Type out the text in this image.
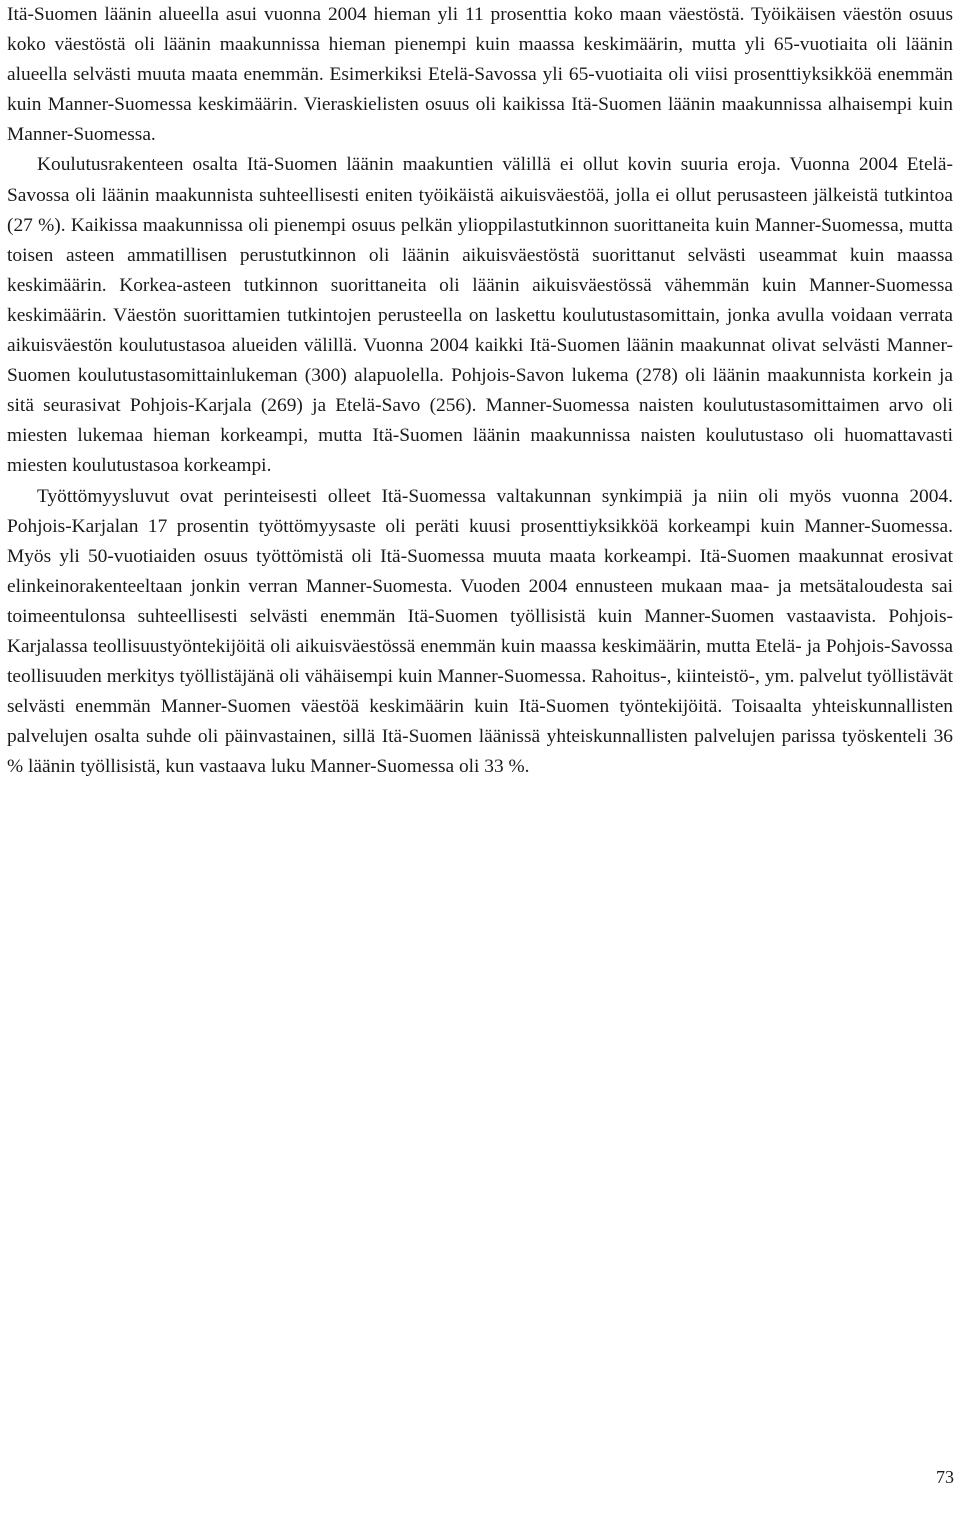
Itä-Suomen läänin alueella asui vuonna 2004 hieman yli 11 prosenttia koko maan väestöstä. Työikäisen väestön osuus koko väestöstä oli läänin maakunnissa hieman pienempi kuin maassa keskimäärin, mutta yli 65-vuotiaita oli läänin alueella selvästi muuta maata enemmän. Esimerkiksi Etelä-Savossa yli 65-vuotiaita oli viisi prosenttiyksikköä enemmän kuin Manner-Suomessa keskimäärin. Vieraskielisten osuus oli kaikissa Itä-Suomen läänin maakunnissa alhaisempi kuin Manner-Suomessa.

Koulutusrakenteen osalta Itä-Suomen läänin maakuntien välillä ei ollut kovin suuria eroja. Vuonna 2004 Etelä-Savossa oli läänin maakunnista suhteellisesti eniten työikäistä aikuisväestöä, jolla ei ollut perusasteen jälkeistä tutkintoa (27 %). Kaikissa maakunnissa oli pienempi osuus pelkän ylioppilastutkinnon suorittaneita kuin Manner-Suomessa, mutta toisen asteen ammatillisen perustutkinnon oli läänin aikuisväestöstä suorittanut selvästi useammat kuin maassa keskimäärin. Korkea-asteen tutkinnon suorittaneita oli läänin aikuisväestössä vähemmän kuin Manner-Suomessa keskimäärin. Väestön suorittamien tutkintojen perusteella on laskettu koulutustasomittain, jonka avulla voidaan verrata aikuisväestön koulutustasoa alueiden välillä. Vuonna 2004 kaikki Itä-Suomen läänin maakunnat olivat selvästi Manner-Suomen koulutustasomittainlukeman (300) alapuolella. Pohjois-Savon lukema (278) oli läänin maakunnista korkein ja sitä seurasivat Pohjois-Karjala (269) ja Etelä-Savo (256). Manner-Suomessa naisten koulutustasomittaimen arvo oli miesten lukemaa hieman korkeampi, mutta Itä-Suomen läänin maakunnissa naisten koulutustaso oli huomattavasti miesten koulutustasoa korkeampi.

Työttömyysluvut ovat perinteisesti olleet Itä-Suomessa valtakunnan synkimpiä ja niin oli myös vuonna 2004. Pohjois-Karjalan 17 prosentin työttömyysaste oli peräti kuusi prosenttiyksikköä korkeampi kuin Manner-Suomessa. Myös yli 50-vuotiaiden osuus työttömistä oli Itä-Suomessa muuta maata korkeampi. Itä-Suomen maakunnat erosivat elinkeinorakenteeltaan jonkin verran Manner-Suomesta. Vuoden 2004 ennusteen mukaan maa- ja metsätaloudesta sai toimeentulonsa suhteellisesti selvästi enemmän Itä-Suomen työllisistä kuin Manner-Suomen vastaavista. Pohjois-Karjalassa teollisuustyöntekijöitä oli aikuisväestössä enemmän kuin maassa keskimäärin, mutta Etelä- ja Pohjois-Savossa teollisuuden merkitys työllistäjänä oli vähäisempi kuin Manner-Suomessa. Rahoitus-, kiinteistö-, ym. palvelut työllistävät selvästi enemmän Manner-Suomen väestöä keskimäärin kuin Itä-Suomen työntekijöitä. Toisaalta yhteiskunnallisten palvelujen osalta suhde oli päinvastainen, sillä Itä-Suomen läänissä yhteiskunnallisten palvelujen parissa työskenteli 36 % läänin työllisistä, kun vastaava luku Manner-Suomessa oli 33 %.

73
